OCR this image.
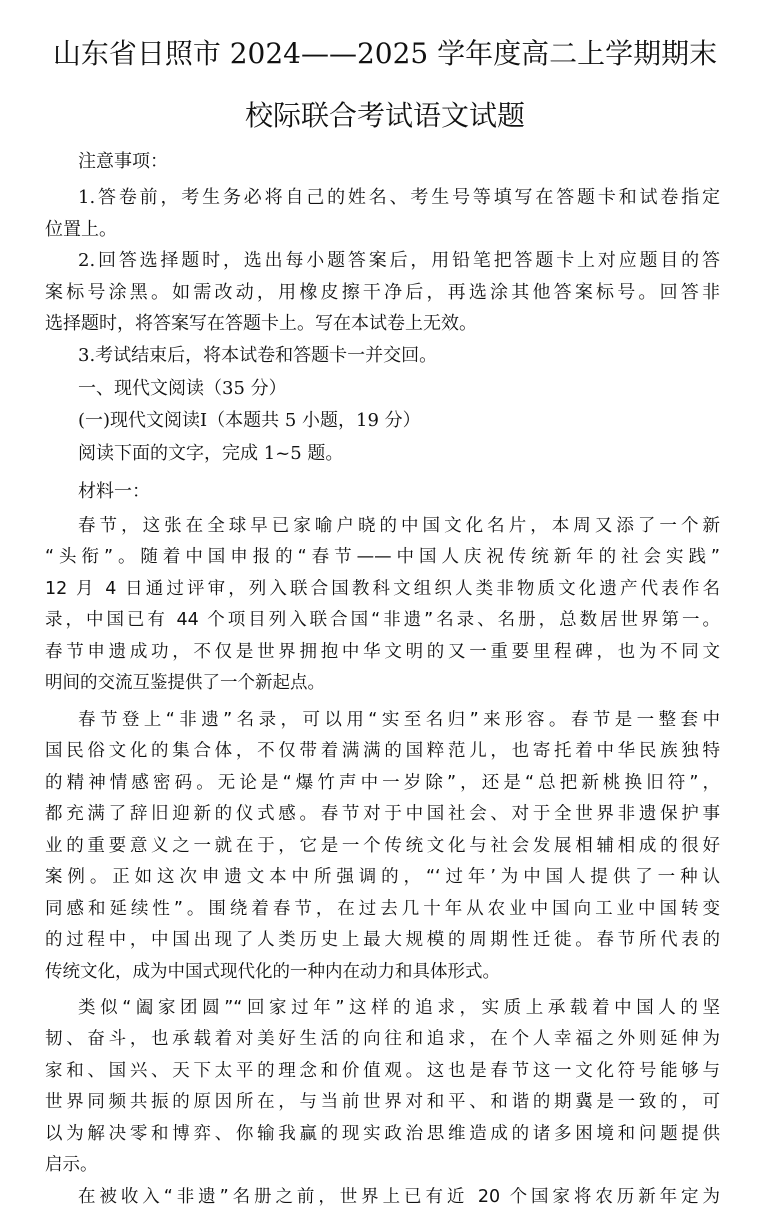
山东省日照市 2024——2025 学年度高二上学期期末
校际联合考试语文试题
注意事项：
1.答卷前，考生务必将自己的姓名、考生号等填写在答题卡和试卷指定
位置上。
2.回答选择题时，选出每小题答案后，用铅笔把答题卡上对应题目的答
案标号涂黑。如需改动，用橡皮擦干净后，再选涂其他答案标号。回答非
选择题时，将答案写在答题卡上。写在本试卷上无效。
3.考试结束后，将本试卷和答题卡一并交回。
一、现代文阅读（35 分）
(一)现代文阅读Ⅰ（本题共 5 小题，19 分）
阅读下面的文字，完成 1~5 题。
材料一：
春节，这张在全球早已家喻户晓的中国文化名片，本周又添了一个新
“头衔”。随着中国申报的“春节——中国人庆祝传统新年的社会实践”
12 月 4 日通过评审，列入联合国教科文组织人类非物质文化遗产代表作名
录，中国已有 44 个项目列入联合国“非遗”名录、名册，总数居世界第一。
春节申遗成功，不仅是世界拥抱中华文明的又一重要里程碑，也为不同文
明间的交流互鉴提供了一个新起点。
春节登上“非遗”名录，可以用“实至名归”来形容。春节是一整套中
国民俗文化的集合体，不仅带着满满的国粹范儿，也寄托着中华民族独特
的精神情感密码。无论是“爆竹声中一岁除”，还是“总把新桃换旧符”，
都充满了辞旧迎新的仪式感。春节对于中国社会、对于全世界非遗保护事
业的重要意义之一就在于，它是一个传统文化与社会发展相辅相成的很好
案例。正如这次申遗文本中所强调的，“‘过年’为中国人提供了一种认
同感和延续性”。围绕着春节，在过去几十年从农业中国向工业中国转变
的过程中，中国出现了人类历史上最大规模的周期性迁徙。春节所代表的
传统文化，成为中国式现代化的一种内在动力和具体形式。
类似“阖家团圆”“回家过年”这样的追求，实质上承载着中国人的坚
韧、奋斗，也承载着对美好生活的向往和追求，在个人幸福之外则延伸为
家和、国兴、天下太平的理念和价值观。这也是春节这一文化符号能够与
世界同频共振的原因所在，与当前世界对和平、和谐的期冀是一致的，可
以为解决零和博弈、你输我赢的现实政治思维造成的诸多困境和问题提供
启示。
在被收入“非遗”名册之前，世界上已有近 20 个国家将农历新年定为
